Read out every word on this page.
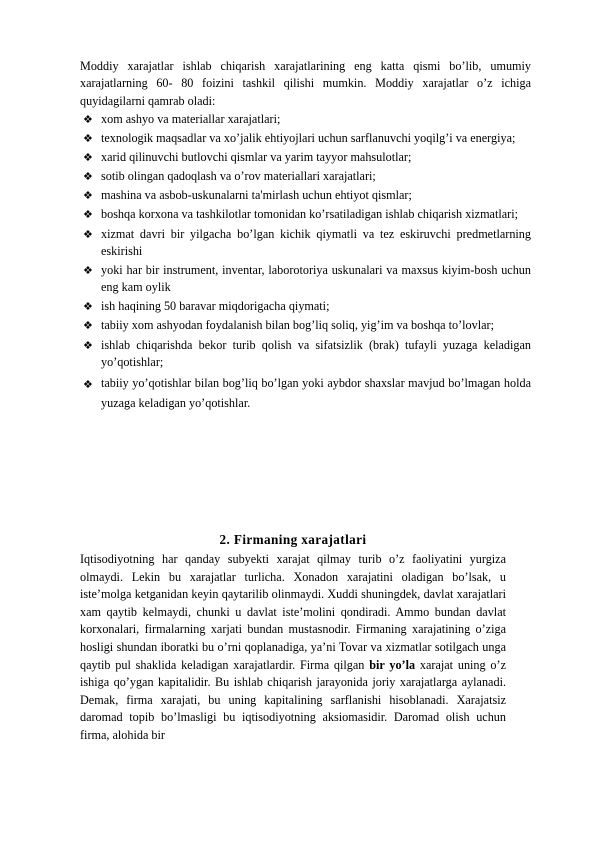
Moddiy xarajatlar ishlab chiqarish xarajatlarining eng katta qismi bo’lib, umumiy xarajatlarning 60- 80 foizini tashkil qilishi mumkin. Moddiy xarajatlar o’z ichiga quyidagilarni qamrab oladi:

❖ xom ashyo va materiallar xarajatlari;
❖ texnologik maqsadlar va xo’jalik ehtiyojlari uchun sarflanuvchi yoqilg’i va energiya;
❖ xarid qilinuvchi butlovchi qismlar va yarim tayyor mahsulotlar;
❖ sotib olingan qadoqlash va o’rov materiallari xarajatlari;
❖ mashina va asbob-uskunalarni ta'mirlash uchun ehtiyot qismlar;
❖ boshqa korxona va tashkilotlar tomonidan ko’rsatiladigan ishlab chiqarish xizmatlari;
❖ xizmat davri bir yilgacha bo’lgan kichik qiymatli va tez eskiruvchi predmetlarning eskirishi
❖ yoki har bir instrument, inventar, laborotoriya uskunalari va maxsus kiyim-bosh uchun eng kam oylik
❖ ish haqining 50 baravar miqdorigacha qiymati;
❖ tabiiy xom ashyodan foydalanish bilan bog’liq soliq, yig’im va boshqa to’lovlar;
❖ ishlab chiqarishda bekor turib qolish va sifatsizlik (brak) tufayli yuzaga keladigan yo’qotishlar;
❖ tabiiy yo’qotishlar bilan bog’liq bo’lgan yoki aybdor shaxslar mavjud bo’lmagan holda yuzaga keladigan yo’qotishlar.
2. Firmaning xarajatlari

Iqtisodiyotning har qanday subyekti xarajat qilmay turib o’z faoliyatini yurgiza olmaydi. Lekin bu xarajatlar turlicha. Xonadon xarajatini oladigan bo’lsak, u iste’molga ketganidan keyin qaytarilib olinmaydi. Xuddi shuningdek, davlat xarajatlari xam qaytib kelmaydi, chunki u davlat iste’molini qondiradi. Ammo bundan davlat korxonalari, firmalarning xarjati bundan mustasnodir. Firmaning xarajatining o’ziga hosligi shundan iboratki bu o’rni qoplanadiga, ya’ni Tovar va xizmatlar sotilgach unga qaytib pul shaklida keladigan xarajatlardir. Firma qilgan bir yo’la xarajat uning o’z ishiga qo’ygan kapitalidir. Bu ishlab chiqarish jarayonida joriy xarajatlarga aylanadi. Demak, firma xarajati, bu uning kapitalining sarflanishi hisoblanadi. Xarajatsiz daromad topib bo’lmasligi bu iqtisodiyotning aksiomasidir. Daromad olish uchun firma, alohida bir
